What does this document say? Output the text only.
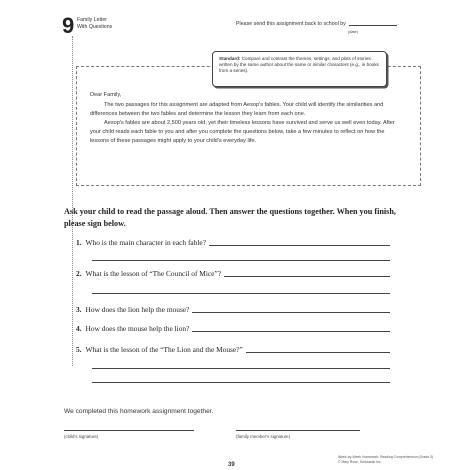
9 Family Letter
With Questions	Please send this assignment back to school by	.
(date)
Standard: Compare and contrast the themes, settings, and plots of stories written by the same author about the same or similar characters (e.g., in books from a series).

Dear Family,

The two passages for this assignment are adapted from Aesop's fables. Your child will identify the similarities and differences between the two fables and determine the lesson they learn from each one.

Aesop's fables are about 2,500 years old, yet their timeless lessons have survived and serve us well even today. After your child reads each fable to you and after you complete the questions below, take a few minutes to reflect on how the lessons of these passages might apply to your child's everyday life.

Ask your child to read the passage aloud. Then answer the questions together. When you finish, please sign below.
1. Who is the main character in each fable?
2. What is the lesson of “The Council of Mice”?
3. How does the lion help the mouse?
4. How does the mouse help the lion?
5. What is the lesson of the “The Lion and the Mouse?”
We completed this homework assignment together.
(child's signature)	(family member's signature)
39
Week-by-Week Homework: Reading Comprehension (Grade 3)
© Mary Rose, Scholastic Inc.
